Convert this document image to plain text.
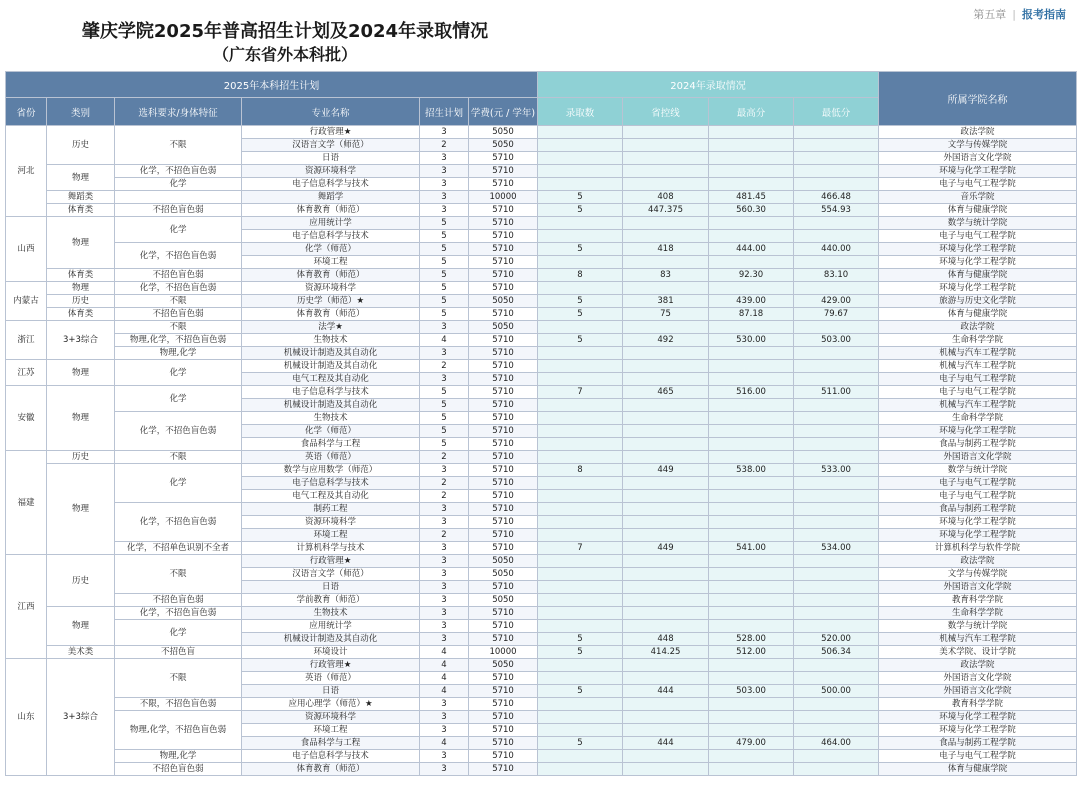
第五章 | 报考指南
肇庆学院2025年普高招生计划及2024年录取情况
（广东省外本科批）
2025年本科招生计划						2024年录取情况				所属学院名称
省份	类别	选科要求/身体特征	专业名称	招生计划	学费(元 / 学年)	录取数	省控线	最高分	最低分	
河北	历史	不限	行政管理★	3	5050					政法学院
			汉语言文学（师范）	2	5050					文学与传媒学院
			日语	3	5710					外国语言文化学院
	物理	化学，不招色盲色弱	资源环境科学	3	5710					环境与化学工程学院
		化学	电子信息科学与技术	3	5710					电子与电气工程学院
	舞蹈类		舞蹈学	3	10000	5	408	481.45	466.48	音乐学院
	体育类	不招色盲色弱	体育教育（师范）	3	5710	5	447.375	560.30	554.93	体育与健康学院
山西	物理	化学	应用统计学	5	5710					数学与统计学院
			电子信息科学与技术	5	5710					电子与电气工程学院
		化学，不招色盲色弱	化学（师范）	5	5710	5	418	444.00	440.00	环境与化学工程学院
			环境工程	5	5710					环境与化学工程学院
	体育类	不招色盲色弱	体育教育（师范）	5	5710	8	83	92.30	83.10	体育与健康学院
内蒙古	物理	化学，不招色盲色弱	资源环境科学	5	5710					环境与化学工程学院
	历史	不限	历史学（师范）★	5	5050	5	381	439.00	429.00	旅游与历史文化学院
	体育类	不招色盲色弱	体育教育（师范）	5	5710	5	75	87.18	79.67	体育与健康学院
浙江	3+3综合	不限	法学★	3	5050					政法学院
		物理,化学，不招色盲色弱	生物技术	4	5710	5	492	530.00	503.00	生命科学学院
		物理,化学	机械设计制造及其自动化	3	5710					机械与汽车工程学院
江苏	物理	化学	机械设计制造及其自动化	2	5710					机械与汽车工程学院
			电气工程及其自动化	3	5710					电子与电气工程学院
安徽	物理	化学	电子信息科学与技术	5	5710	7	465	516.00	511.00	电子与电气工程学院
			机械设计制造及其自动化	5	5710					机械与汽车工程学院
		化学，不招色盲色弱	生物技术	5	5710					生命科学学院
			化学（师范）	5	5710					环境与化学工程学院
			食品科学与工程	5	5710					食品与制药工程学院
福建	历史	不限	英语（师范）	2	5710					外国语言文化学院
	物理	化学	数学与应用数学（师范）	3	5710	8	449	538.00	533.00	数学与统计学院
			电子信息科学与技术	2	5710					电子与电气工程学院
			电气工程及其自动化	2	5710					电子与电气工程学院
		化学，不招色盲色弱	制药工程	3	5710					食品与制药工程学院
			资源环境科学	3	5710					环境与化学工程学院
			环境工程	2	5710					环境与化学工程学院
		化学，不招单色识别不全者	计算机科学与技术	3	5710	7	449	541.00	534.00	计算机科学与软件学院
江西	历史	不限	行政管理★	3	5050					政法学院
			汉语言文学（师范）	3	5050					文学与传媒学院
			日语	3	5710					外国语言文化学院
		不招色盲色弱	学前教育（师范）	3	5050					教育科学学院
	物理	化学，不招色盲色弱	生物技术	3	5710					生命科学学院
		化学	应用统计学	3	5710					数学与统计学院
			机械设计制造及其自动化	3	5710	5	448	528.00	520.00	机械与汽车工程学院
	美术类	不招色盲	环境设计	4	10000	5	414.25	512.00	506.34	美术学院、设计学院
山东	3+3综合	不限	行政管理★	4	5050					政法学院
			英语（师范）	4	5710					外国语言文化学院
			日语	4	5710	5	444	503.00	500.00	外国语言文化学院
		不限，不招色盲色弱	应用心理学（师范）★	3	5710					教育科学学院
		物理,化学，不招色盲色弱	资源环境科学	3	5710					环境与化学工程学院
			环境工程	3	5710					环境与化学工程学院
			食品科学与工程	4	5710	5	444	479.00	464.00	食品与制药工程学院
		物理,化学	电子信息科学与技术	3	5710					电子与电气工程学院
		不招色盲色弱	体育教育（师范）	3	5710					体育与健康学院
